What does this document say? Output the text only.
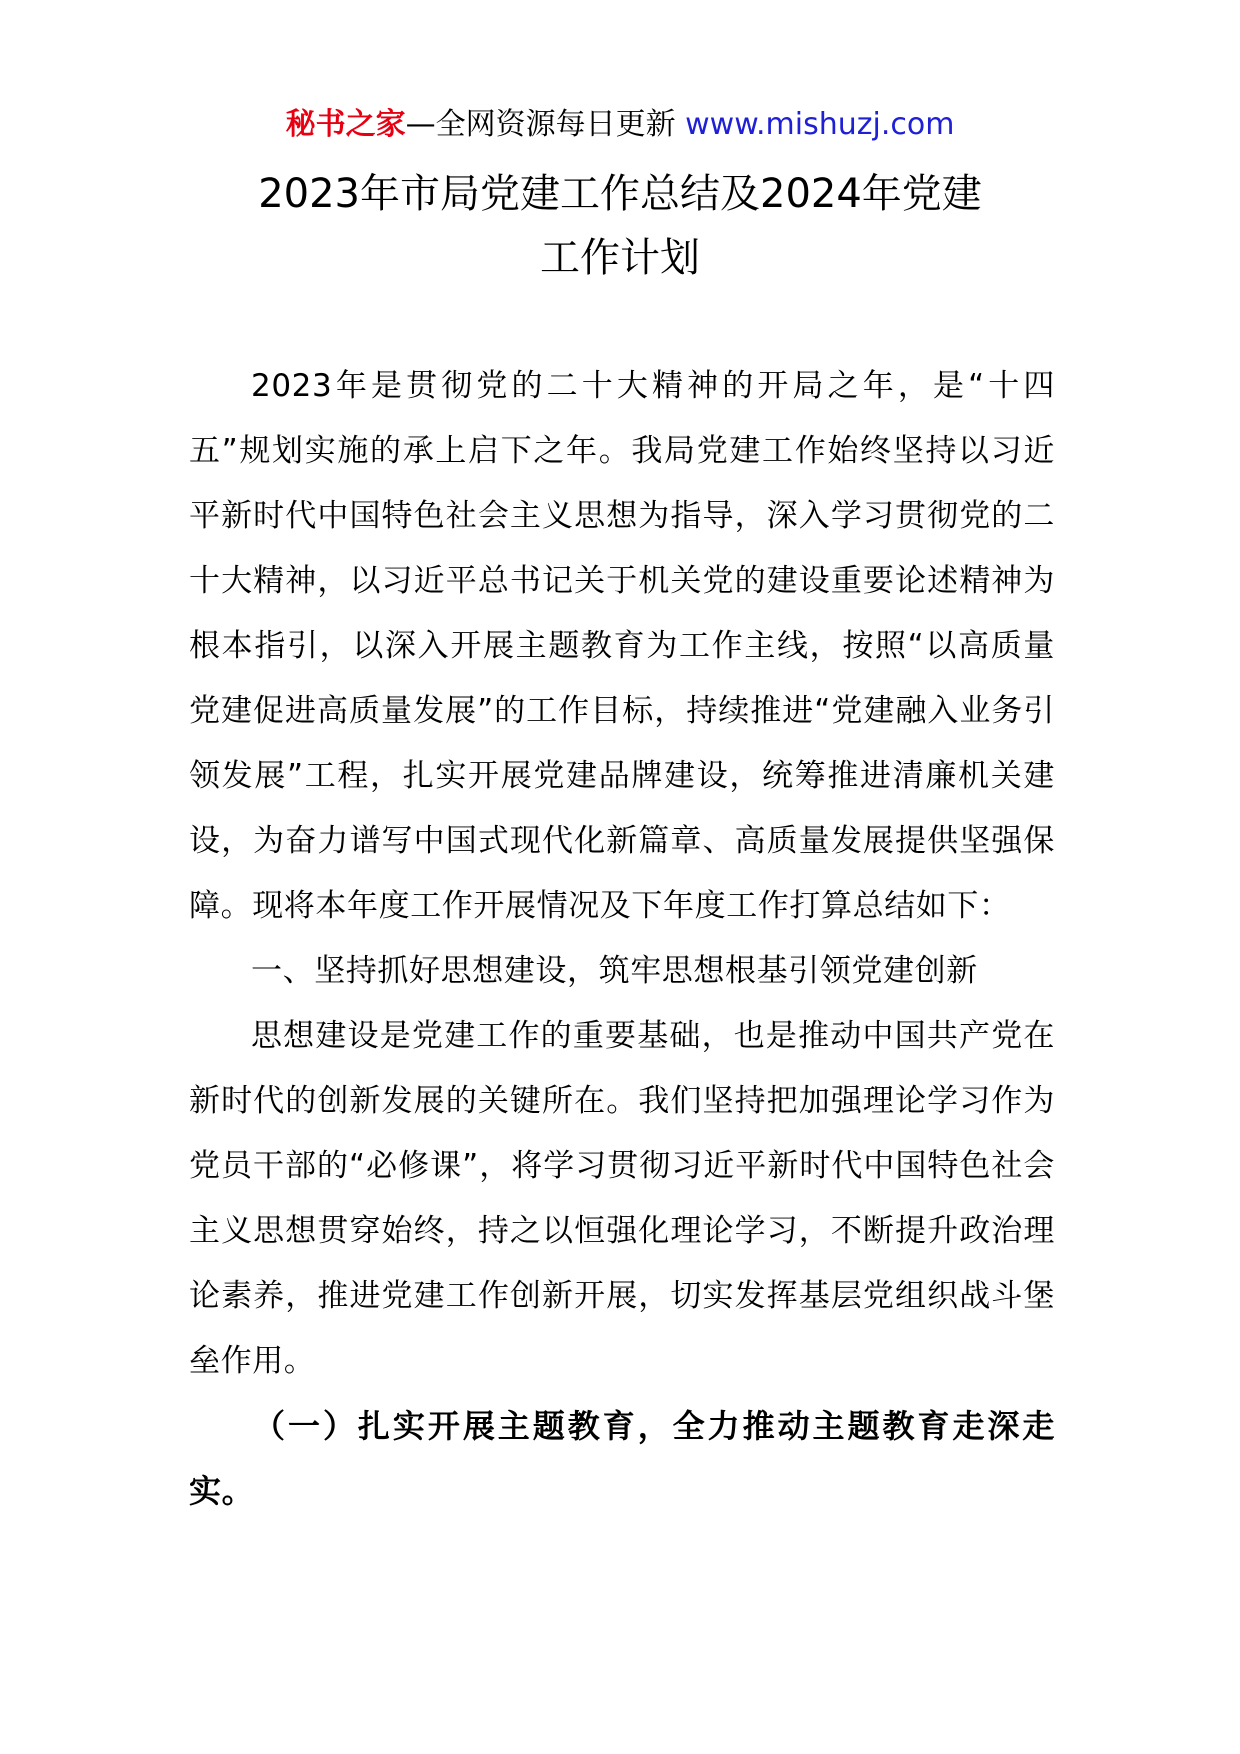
秘书之家—全网资源每日更新 www.mishuzj.com
2023年市局党建工作总结及2024年党建
工作计划

2023年是贯彻党的二十大精神的开局之年，是“十四五”规划实施的承上启下之年。我局党建工作始终坚持以习近平新时代中国特色社会主义思想为指导，深入学习贯彻党的二十大精神，以习近平总书记关于机关党的建设重要论述精神为根本指引，以深入开展主题教育为工作主线，按照“以高质量党建促进高质量发展”的工作目标，持续推进“党建融入业务引领发展”工程，扎实开展党建品牌建设，统筹推进清廉机关建设，为奋力谱写中国式现代化新篇章、高质量发展提供坚强保障。现将本年度工作开展情况及下年度工作打算总结如下：

一、坚持抓好思想建设，筑牢思想根基引领党建创新

思想建设是党建工作的重要基础，也是推动中国共产党在新时代的创新发展的关键所在。我们坚持把加强理论学习作为党员干部的“必修课”，将学习贯彻习近平新时代中国特色社会主义思想贯穿始终，持之以恒强化理论学习，不断提升政治理论素养，推进党建工作创新开展，切实发挥基层党组织战斗堡垒作用。

（一）扎实开展主题教育，全力推动主题教育走深走实。
